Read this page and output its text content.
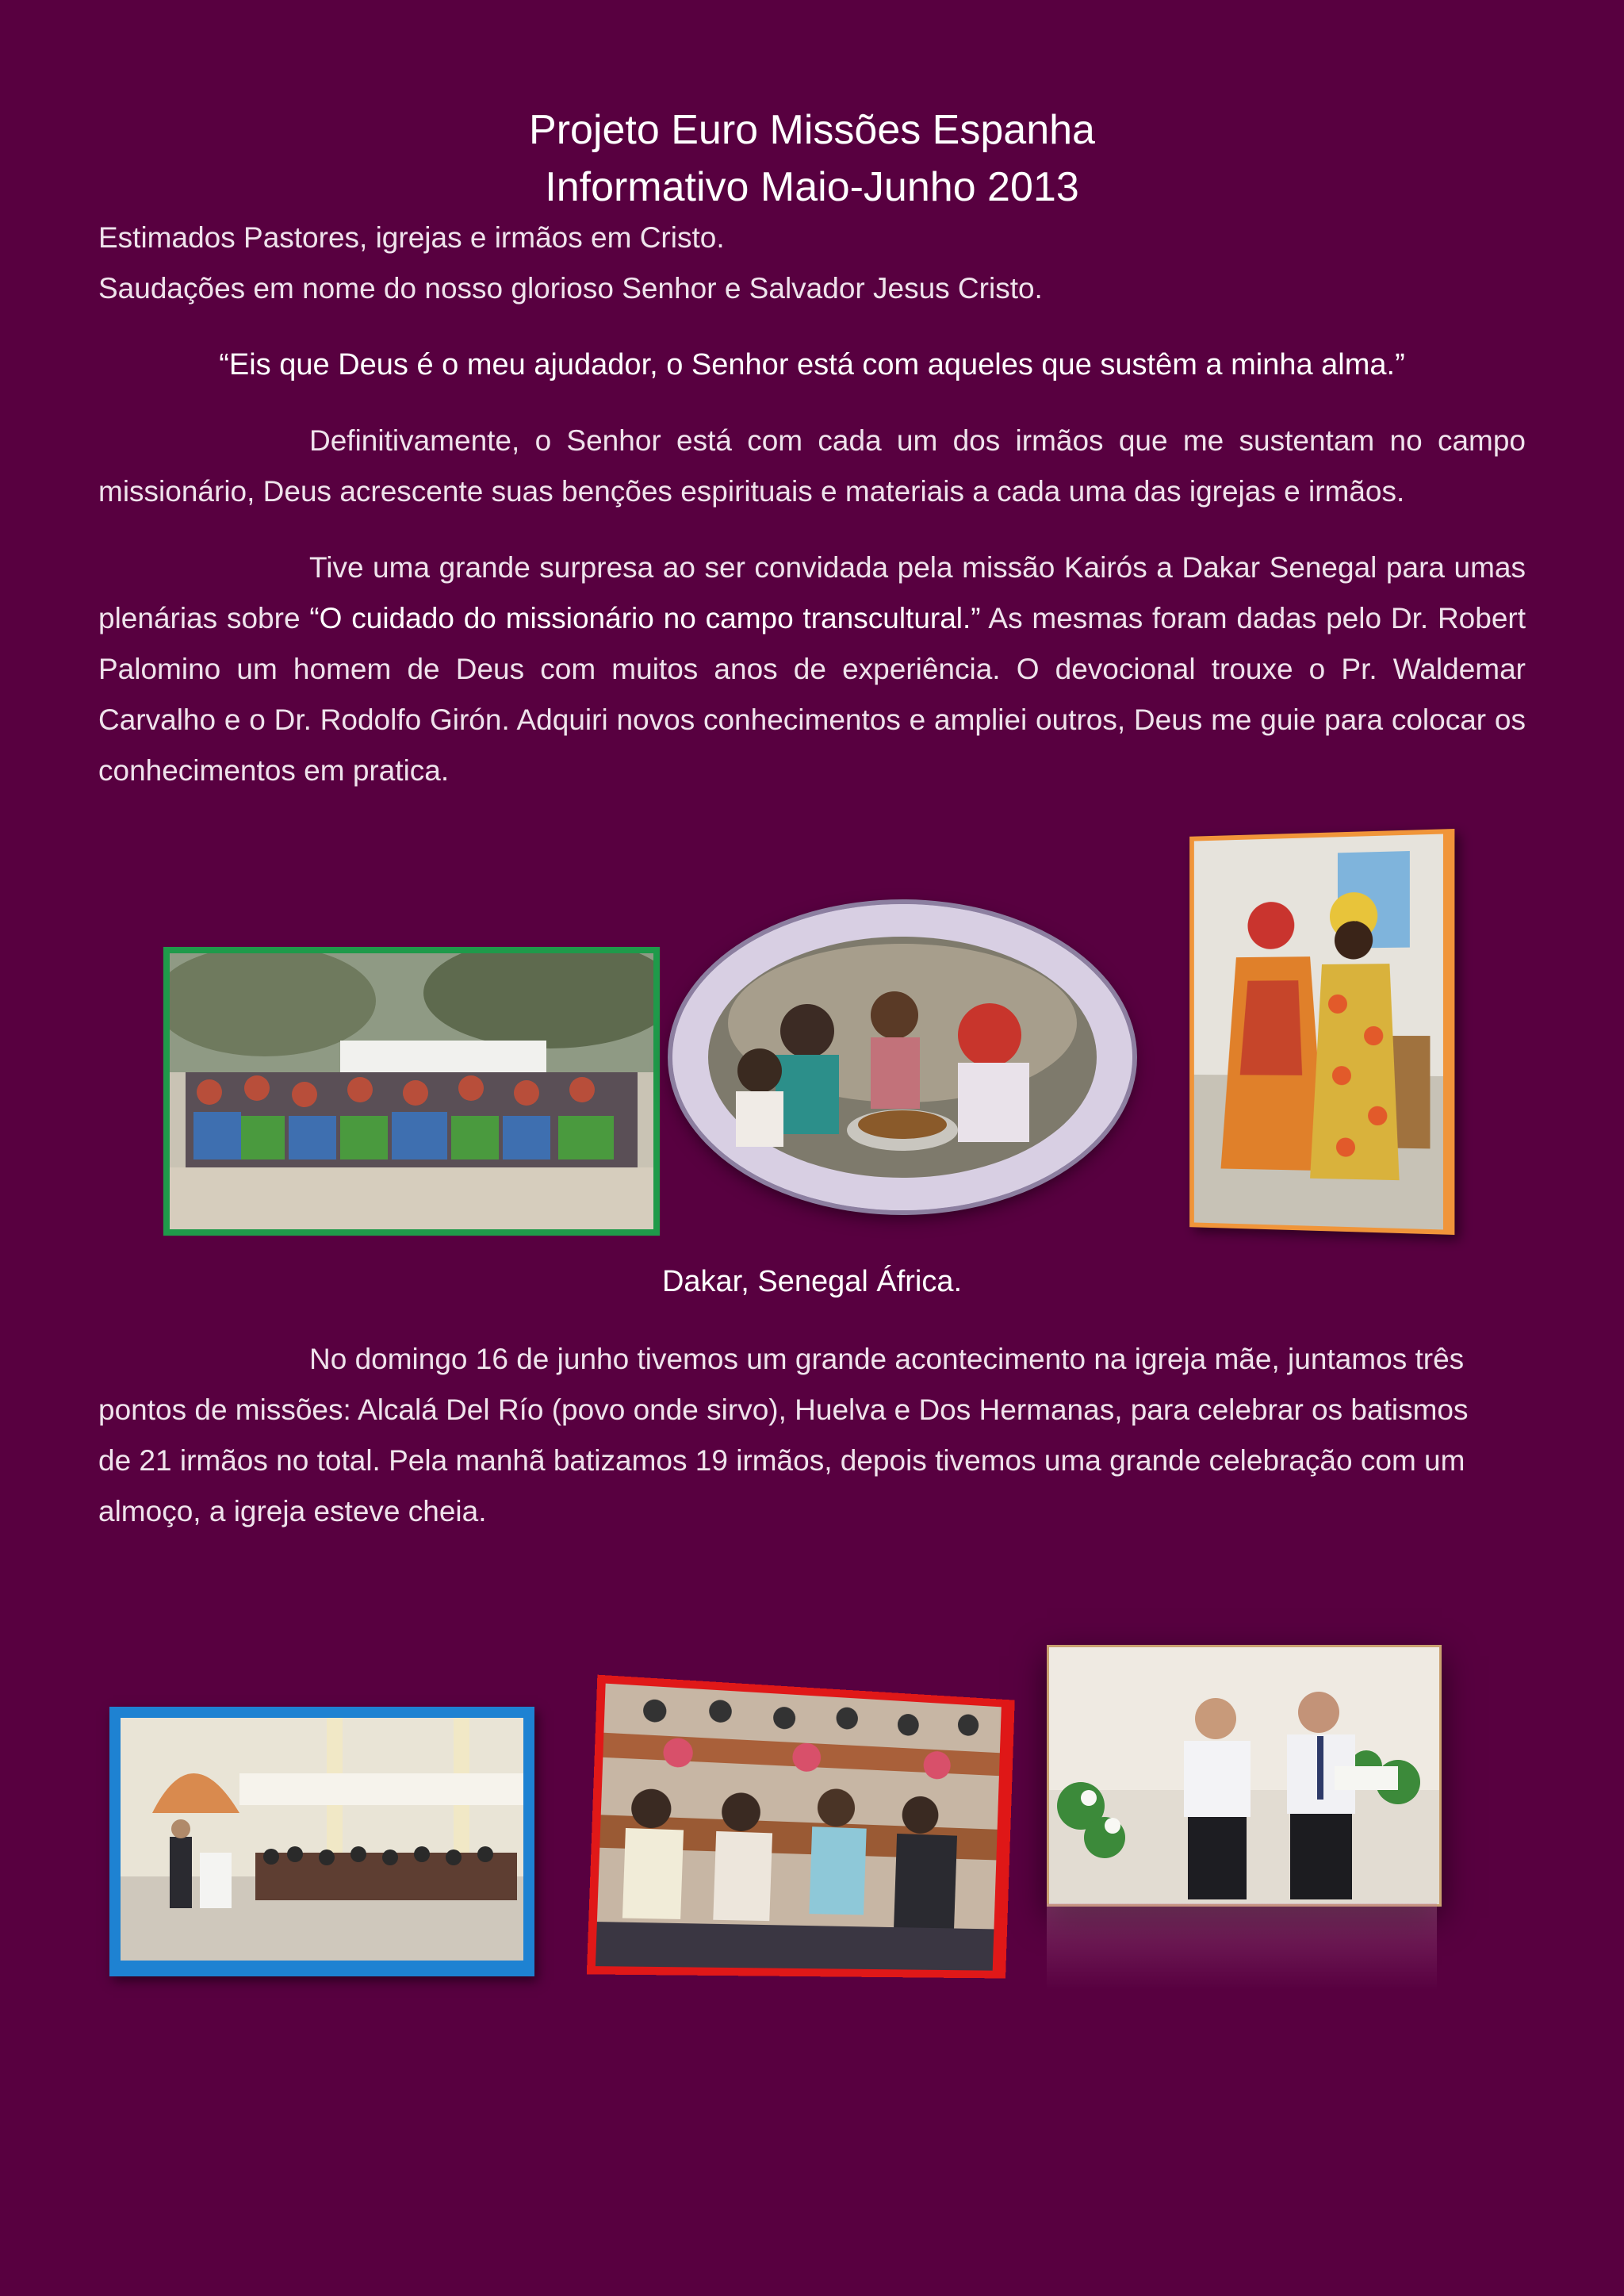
Projeto Euro Missões Espanha
Informativo Maio-Junho 2013
Estimados Pastores, igrejas e irmãos em Cristo.
Saudações em nome do nosso glorioso Senhor e Salvador Jesus Cristo.
“Eis que Deus é o meu ajudador, o Senhor está com aqueles que sustêm a minha alma.”
Definitivamente, o Senhor está com cada um dos irmãos que me sustentam no campo missionário, Deus acrescente suas benções espirituais e materiais a cada uma das igrejas e irmãos.
Tive uma grande surpresa ao ser convidada pela missão Kairós a Dakar Senegal para umas plenárias sobre “O cuidado do missionário no campo transcultural.” As mesmas foram dadas pelo Dr. Robert Palomino um homem de Deus com muitos anos de experiência. O devocional trouxe o Pr. Waldemar Carvalho e o Dr. Rodolfo Girón. Adquiri novos conhecimentos e ampliei outros, Deus me guie para colocar os conhecimentos em pratica.
Dakar, Senegal África.
No domingo 16 de junho tivemos um grande acontecimento na igreja mãe, juntamos três pontos de missões: Alcalá Del Río (povo onde sirvo), Huelva e Dos Hermanas, para celebrar os batismos de 21 irmãos no total. Pela manhã batizamos 19 irmãos, depois tivemos uma grande celebração com um almoço, a igreja esteve cheia.
